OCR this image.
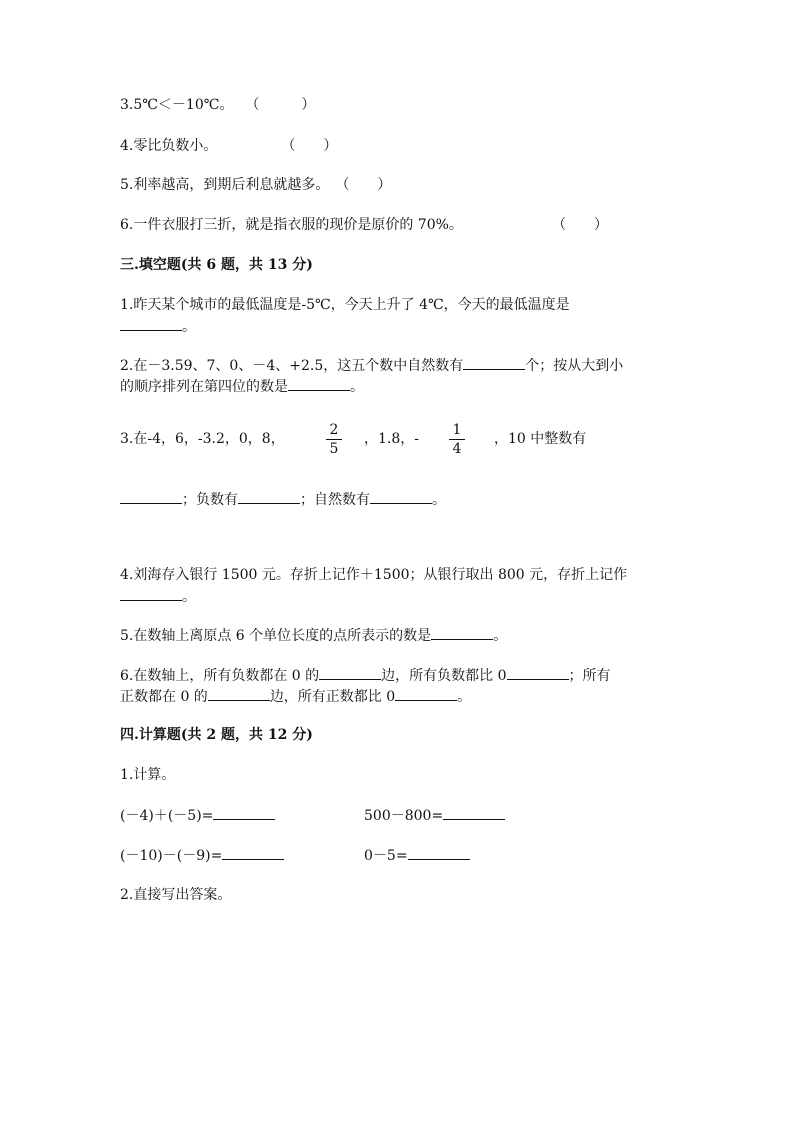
3.5℃＜－10℃。 （　　　）
4.零比负数小。	（　　）
5.利率越高，到期后利息就越多。 （　　）
6.一件衣服打三折，就是指衣服的现价是原价的 70%。	（　　）
三.填空题(共 6 题，共 13 分)
1.昨天某个城市的最低温度是-5℃，今天上升了 4℃，今天的最低温度是
。
2.在－3.59、7、0、－4、+2.5，这五个数中自然数有	个；按从大到小
的顺序排列在第四位的数是	。
3.在-4，6，-3.2，0，8，
2
5
，1.8，-
1
4
，10 中整数有
；负数有	；自然数有	。
4.刘海存入银行 1500 元。存折上记作＋1500；从银行取出 800 元，存折上记作
。
5.在数轴上离原点 6 个单位长度的点所表示的数是	。
6.在数轴上，所有负数都在 0 的	边，所有负数都比 0	；所有
正数都在 0 的	边，所有正数都比 0	。
四.计算题(共 2 题，共 12 分)
1.计算。
(－4)＋(－5)=	500－800=
(－10)－(－9)=	0－5=
2.直接写出答案。
